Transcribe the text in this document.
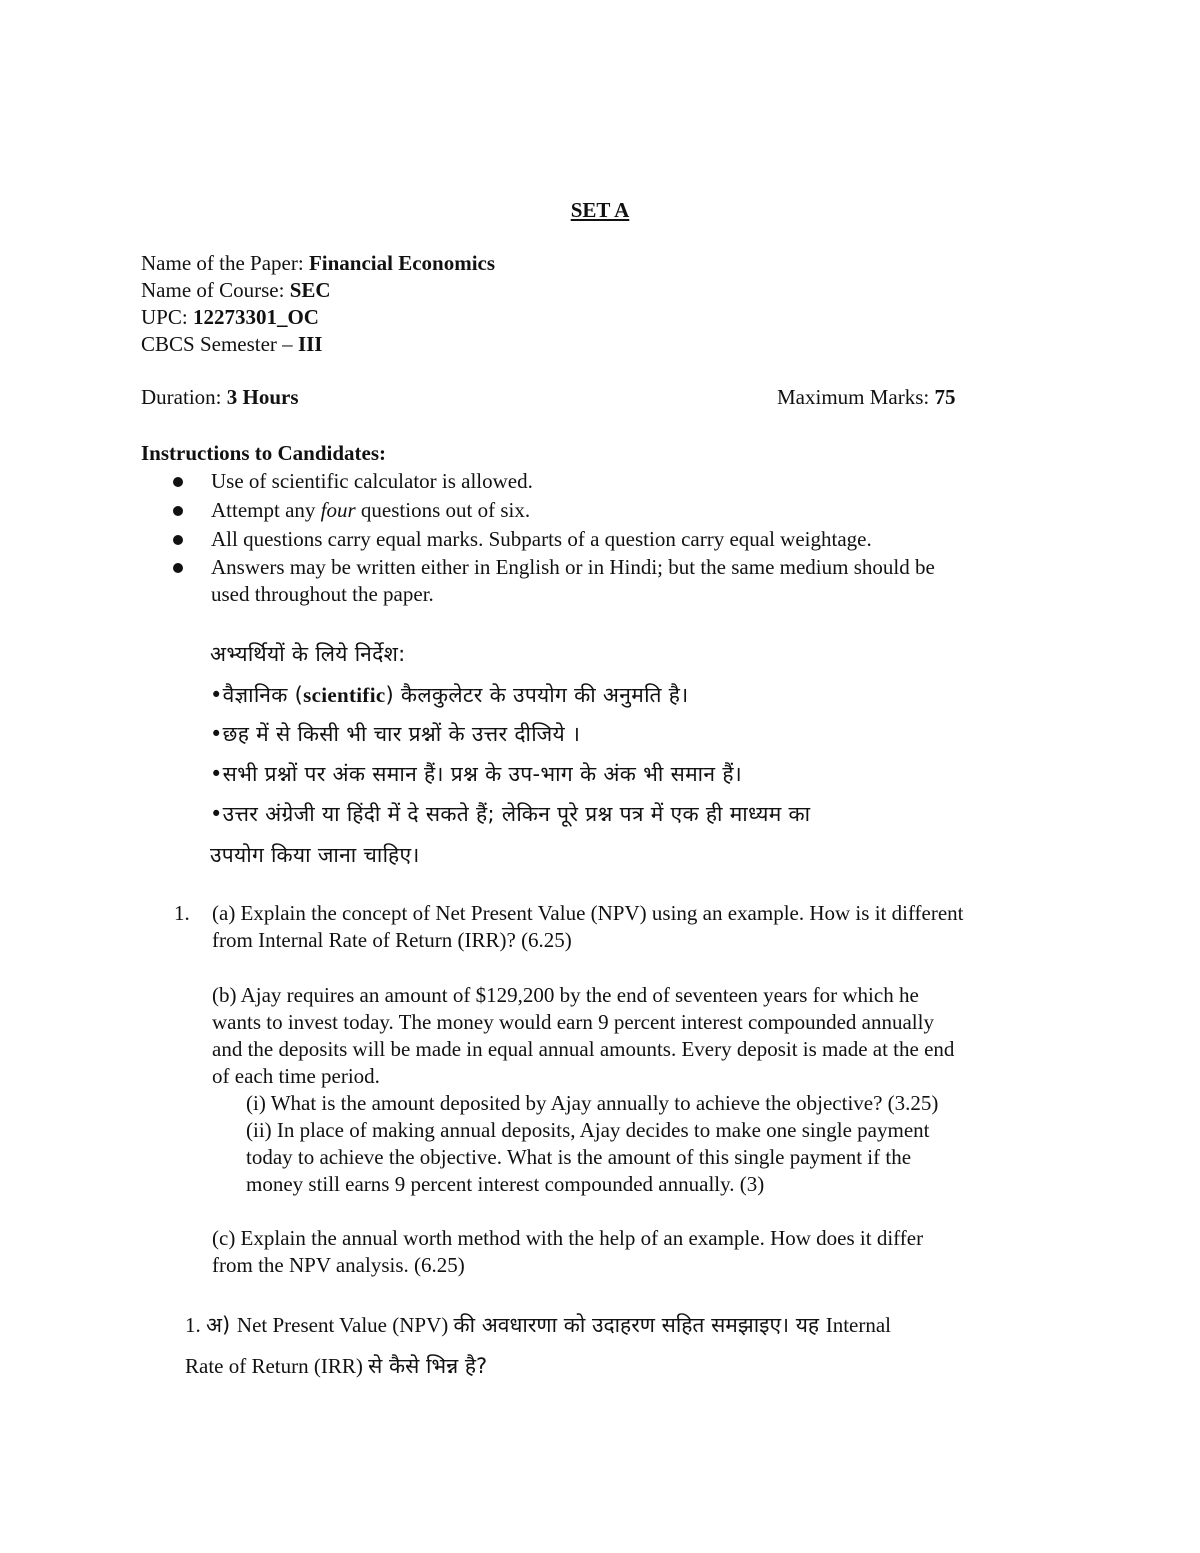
SET A
Name of the Paper: Financial Economics
Name of Course: SEC
UPC: 12273301_OC
CBCS Semester – III
Duration: 3 Hours	Maximum Marks: 75
Instructions to Candidates:
Use of scientific calculator is allowed.
Attempt any four questions out of six.
All questions carry equal marks. Subparts of a question carry equal weightage.
Answers may be written either in English or in Hindi; but the same medium should be
used throughout the paper.
अभ्यर्थियों के लिये निर्देश:
•वैज्ञानिक (scientific) कैलकुलेटर के उपयोग की अनुमति है।
•छह में से किसी भी चार प्रश्नों के उत्तर दीजिये ।
•सभी प्रश्नों पर अंक समान हैं। प्रश्न के उप-भाग के अंक भी समान हैं।
•उत्तर अंग्रेजी या हिंदी में दे सकते हैं; लेकिन पूरे प्रश्न पत्र में एक ही माध्यम का
उपयोग किया जाना चाहिए।
1. (a) Explain the concept of Net Present Value (NPV) using an example. How is it different
from Internal Rate of Return (IRR)? (6.25)
(b) Ajay requires an amount of $129,200 by the end of seventeen years for which he
wants to invest today. The money would earn 9 percent interest compounded annually
and the deposits will be made in equal annual amounts. Every deposit is made at the end
of each time period.
(i) What is the amount deposited by Ajay annually to achieve the objective? (3.25)
(ii) In place of making annual deposits, Ajay decides to make one single payment
today to achieve the objective. What is the amount of this single payment if the
money still earns 9 percent interest compounded annually. (3)
(c) Explain the annual worth method with the help of an example. How does it differ
from the NPV analysis. (6.25)
1. अ) Net Present Value (NPV) की अवधारणा को उदाहरण सहित समझाइए। यह Internal
Rate of Return (IRR) से कैसे भिन्न है?
